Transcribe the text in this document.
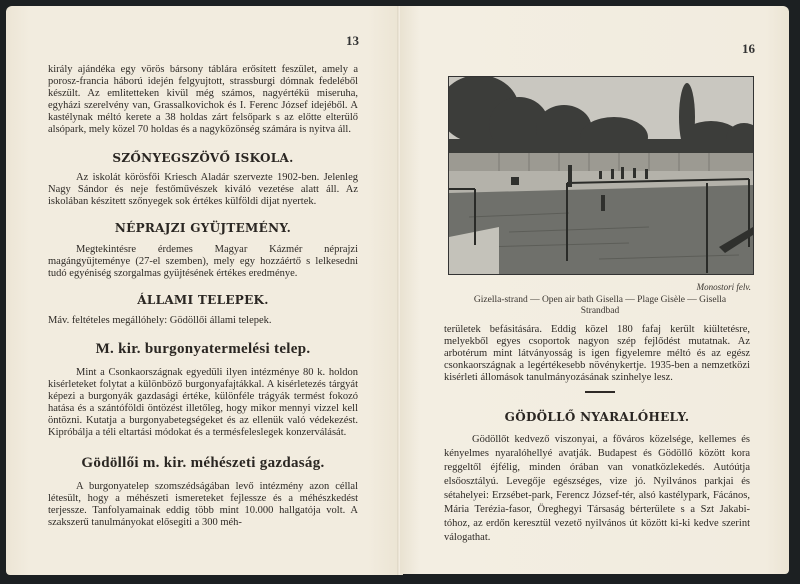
13

király ajándéka egy vörös bársony táblára erősített feszület, amely a porosz-francia háború idején felgyujtott, strassburgi dómnak fedeléből készült. Az emlitetteken kivül még számos, nagyértékü miseruha, egyházi szerelvény van, Grassalkovichok és I. Ferenc József idejéből. A kastélynak méltó kerete a 38 holdas zárt felsőpark s az előtte elterülő alsópark, mely közel 70 holdas és a nagyközönség számára is nyitva áll.

SZŐNYEGSZÖVŐ ISKOLA.

Az iskolát körösfői Kriesch Aladár szervezte 1902-ben. Jelenleg Nagy Sándor és neje festőművészek kiváló vezetése alatt áll. Az iskolában készitett szőnyegek sok értékes külföldi dijat nyertek.

NÉPRAJZI GYÜJTEMÉNY.

Megtekintésre érdemes Magyar Kázmér néprajzi magángyüjteménye (27-el szemben), mely egy hozzáértő s lelkesedni tudó egyéniség szorgalmas gyüjtésének értékes eredménye.

ÁLLAMI TELEPEK.

Máv. feltételes megállóhely: Gödöllői állami telepek.

M. kir. burgonyatermelési telep.

Mint a Csonkaországnak egyedüli ilyen intézménye 80 k. holdon kisérleteket folytat a különböző burgonyafajtákkal. A kisérletezés tárgyát képezi a burgonyák gazdasági értéke, különféle trágyák termést fokozó hatása és a szántóföldi öntözést illetőleg, hogy mikor mennyi vizzel kell öntözni. Kutatja a burgonyabetegségeket és az ellenük való védekezést. Kipróbálja a téli eltartási módokat és a termésfeleslegek konzerválását.

Gödöllői m. kir. méhészeti gazdaság.

A burgonyatelep szomszédságában levő intézmény azon céllal létesült, hogy a méhészeti ismereteket fejlessze és a méhészkedést terjessze. Tanfolyamainak eddig több mint 10.000 hallgatója volt. A szakszerű tanulmányokat elősegiti a 300 méh-

16
Monostori felv.
Gizella-strand — Open air bath Gisella — Plage Gisèle — Gisella Strandbad

területek befásitására. Eddig közel 180 fafaj került kiültetésre, melyekből egyes csoportok nagyon szép fejlődést mutatnak. Az arbotérum mint látványosság is igen figyelemre méltó és az egész csonkaországnak a legértékesebb növénykertje. 1935-ben a nemzetközi kisérleti állomások tanulmányozásának szinhelye lesz.

GÖDÖLLŐ NYARALÓHELY.

Gödöllőt kedvező viszonyai, a főváros közelsége, kellemes és kényelmes nyaralóhellyé avatják. Budapest és Gödöllő között kora reggeltől éjfélig, minden órában van vonatközlekedés. Autóútja elsőosztályú. Levegője egészséges, vize jó. Nyilvános parkjai és sétahelyei: Erzsébet-park, Ferencz József-tér, alsó kastélypark, Fácános, Mária Terézia-fasor, Öreghegyi Társaság bérterülete s a Szt Jakabi-tóhoz, az erdőn keresztül vezető nyilvános út között ki-ki kedve szerint válogathat.
